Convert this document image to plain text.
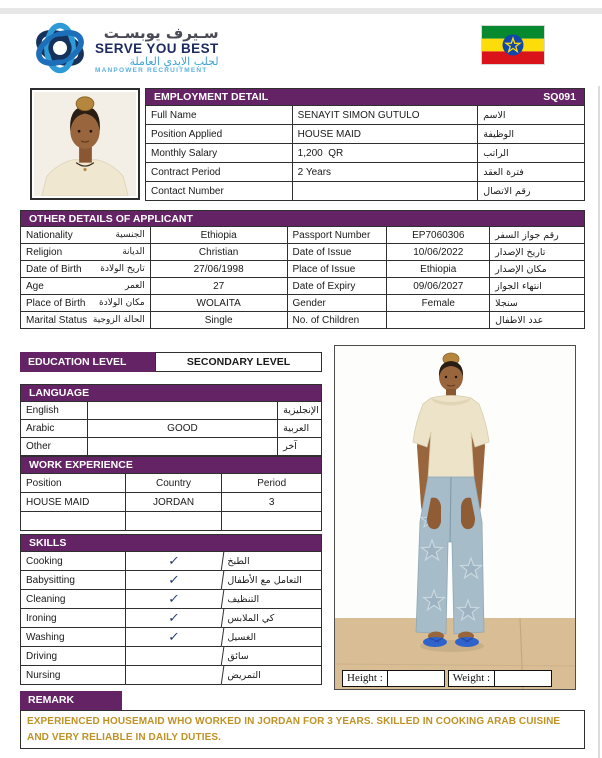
سـيرف يوبسـت
SERVE YOU BEST
لجلب الايدي العاملة
MANPOWER RECRUITMENT
EMPLOYMENT DETAIL	SQ091
Full Name	SENAYIT SIMON GUTULO	الاسم
Position Applied	HOUSE MAID	الوظيفة
Monthly Salary	1,200  QR	الراتب
Contract Period	2 Years	فترة العقد
Contact Number	رقم الاتصال
OTHER DETAILS OF APPLICANT
Nationality	الجنسية	Ethiopia	Passport Number	EP7060306	رقم جواز السفر
Religion	الديانة	Christian	Date of Issue	10/06/2022	تاريخ الإصدار
Date of Birth تاريخ الولادة	27/06/1998	Place of Issue	Ethiopia	مكان الإصدار
Age	العمر	27	Date of Expiry	09/06/2027	انتهاء الجواز
Place of Birth مكان الولادة	WOLAITA	Gender	Female	سنجلا
Marital Status الحالة الزوجية	Single	No. of Children	عدد الاطفال
EDUCATION LEVEL	SECONDARY LEVEL
LANGUAGE
English	الإنجليزية
Arabic	GOOD	العربية
Other	آخر
WORK EXPERIENCE
Position	Country	Period
HOUSE MAID	JORDAN	3
SKILLS
Cooking	✓	الطبخ
Babysitting	✓	التعامل مع الأطفال
Cleaning	✓	التنظيف
Ironing	✓	كي الملابس
Washing	✓	الغسيل
Driving	سائق
Nursing	التمريض	Height :	Weight :
REMARK
EXPERIENCED HOUSEMAID WHO WORKED IN JORDAN FOR 3 YEARS. SKILLED IN COOKING ARAB CUISINE AND VERY RELIABLE IN DAILY DUTIES.
